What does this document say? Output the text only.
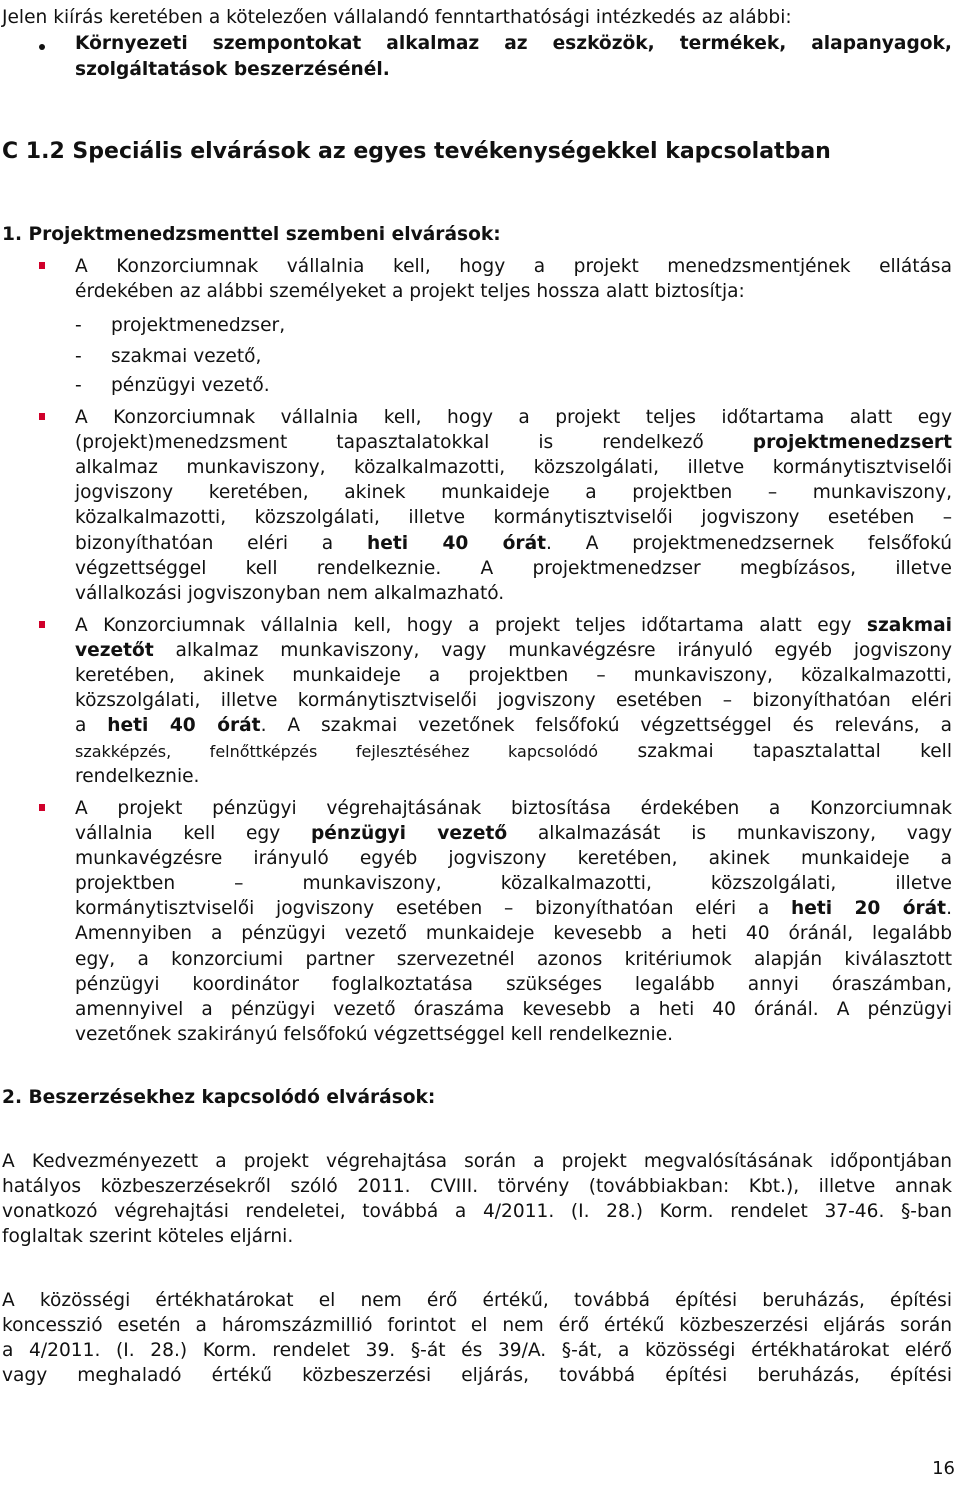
Jelen kiírás keretében a kötelezően vállalandó fenntarthatósági intézkedés az alábbi:
Környezeti szempontokat alkalmaz az eszközök, termékek, alapanyagok,
szolgáltatások beszerzésénél.
C 1.2 Speciális elvárások az egyes tevékenységekkel kapcsolatban
1. Projektmenedzsmenttel szembeni elvárások:
A Konzorciumnak vállalnia kell, hogy a projekt menedzsmentjének ellátása
érdekében az alábbi személyeket a projekt teljes hossza alatt biztosítja:
- projektmenedzser,
- szakmai vezető,
- pénzügyi vezető.
A Konzorciumnak vállalnia kell, hogy a projekt teljes időtartama alatt egy
(projekt)menedzsment tapasztalatokkal is rendelkező projektmenedzsert
alkalmaz munkaviszony, közalkalmazotti, közszolgálati, illetve kormánytisztviselői
jogviszony keretében, akinek munkaideje a projektben – munkaviszony,
közalkalmazotti, közszolgálati, illetve kormánytisztviselői jogviszony esetében –
bizonyíthatóan eléri a heti 40 órát. A projektmenedzsernek felsőfokú
végzettséggel kell rendelkeznie. A projektmenedzser megbízásos, illetve
vállalkozási jogviszonyban nem alkalmazható.
A Konzorciumnak vállalnia kell, hogy a projekt teljes időtartama alatt egy szakmai
vezetőt alkalmaz munkaviszony, vagy munkavégzésre irányuló egyéb jogviszony
keretében, akinek munkaideje a projektben – munkaviszony, közalkalmazotti,
közszolgálati, illetve kormánytisztviselői jogviszony esetében – bizonyíthatóan eléri
a heti 40 órát. A szakmai vezetőnek felsőfokú végzettséggel és releváns, a
szakképzés, felnőttképzés fejlesztéséhez kapcsolódó szakmai tapasztalattal kell
rendelkeznie.
A projekt pénzügyi végrehajtásának biztosítása érdekében a Konzorciumnak
vállalnia kell egy pénzügyi vezető alkalmazását is munkaviszony, vagy
munkavégzésre irányuló egyéb jogviszony keretében, akinek munkaideje a
projektben – munkaviszony, közalkalmazotti, közszolgálati, illetve
kormánytisztviselői jogviszony esetében – bizonyíthatóan eléri a heti 20 órát.
Amennyiben a pénzügyi vezető munkaideje kevesebb a heti 40 óránál, legalább
egy, a konzorciumi partner szervezetnél azonos kritériumok alapján kiválasztott
pénzügyi koordinátor foglalkoztatása szükséges legalább annyi óraszámban,
amennyivel a pénzügyi vezető óraszáma kevesebb a heti 40 óránál. A pénzügyi
vezetőnek szakirányú felsőfokú végzettséggel kell rendelkeznie.
2. Beszerzésekhez kapcsolódó elvárások:
A Kedvezményezett a projekt végrehajtása során a projekt megvalósításának időpontjában
hatályos közbeszerzésekről szóló 2011. CVIII. törvény (továbbiakban: Kbt.), illetve annak
vonatkozó végrehajtási rendeletei, továbbá a 4/2011. (I. 28.) Korm. rendelet 37-46. §-ban
foglaltak szerint köteles eljárni.
A közösségi értékhatárokat el nem érő értékű, továbbá építési beruházás, építési
koncesszió esetén a háromszázmillió forintot el nem érő értékű közbeszerzési eljárás során
a 4/2011. (I. 28.) Korm. rendelet 39. §-át és 39/A. §-át, a közösségi értékhatárokat elérő
vagy meghaladó értékű közbeszerzési eljárás, továbbá építési beruházás, építési
16
